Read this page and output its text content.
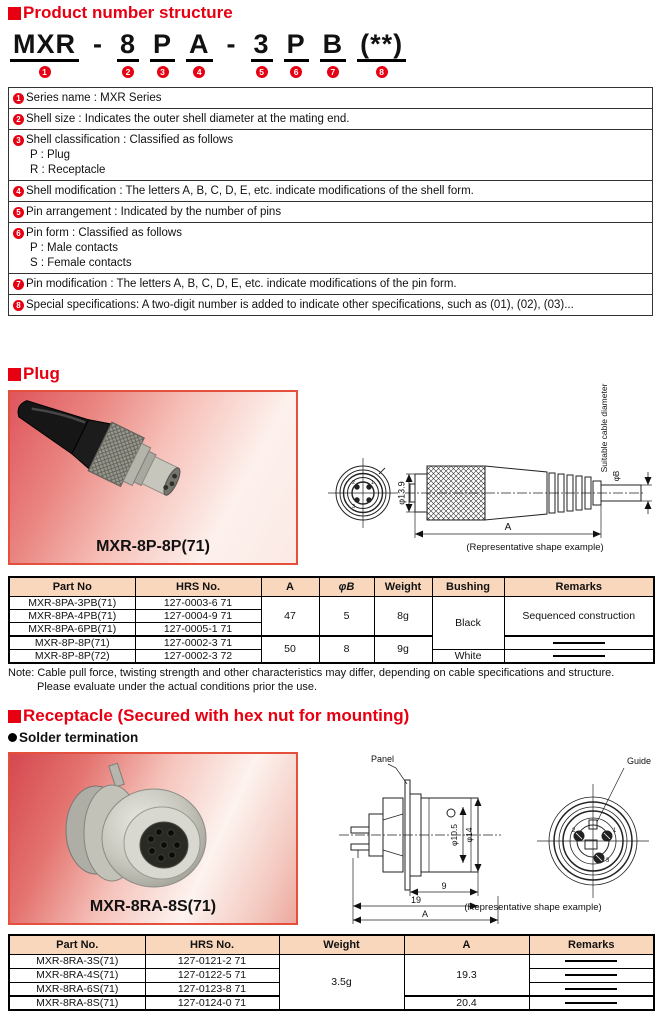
Product number structure
MXR
1
- 8
2
P
3
A
4
- 3
5
P
6
B
7
(**)
8
1 Series name : MXR Series
2 Shell size : Indicates the outer shell diameter at the mating end.
3 Shell classification : Classified as follows
P : Plug
R : Receptacle
4 Shell modification : The letters A, B, C, D, E, etc. indicate modifications of the shell form.
5 Pin arrangement : Indicated by the number of pins
6 Pin form : Classified as follows
P : Male contacts
S : Female contacts
7 Pin modification : The letters A, B, C, D, E, etc. indicate modifications of the pin form.
8 Special specifications: A two-digit number is added to indicate other specifications, such as (01), (02), (03)...
Plug
MXR-8P-8P(71)
2	1
3
φ13.9
A
Suitable cable diameter
φB
(Representative shape example)
Part No	HRS No.	A	φB	Weight	Bushing	Remarks
MXR-8PA-3PB(71)	127-0003-6 71	47	5	8g	Black	Sequenced construction
MXR-8PA-4PB(71)	127-0004-9 71					
MXR-8PA-6PB(71)	127-0005-1 71					
MXR-8P-8P(71)	127-0002-3 71	50	8	9g		
MXR-8P-8P(72)	127-0002-3 72				White	
Note: Cable pull force, twisting strength and other characteristics may differ, depending on cable specifications and structure.
Please evaluate under the actual conditions prior the use.
Receptacle (Secured with hex nut for mounting)
Solder termination
MXR-8RA-8S(71)
Panel
φ10.5 φ14
9
19
A
Guide
2	1
3
(Representative shape example)
Part No.	HRS No.	Weight	A	Remarks
MXR-8RA-3S(71)	127-0121-2 71	3.5g	19.3	
MXR-8RA-4S(71)	127-0122-5 71			
MXR-8RA-6S(71)	127-0123-8 71			
MXR-8RA-8S(71)	127-0124-0 71		20.4	
